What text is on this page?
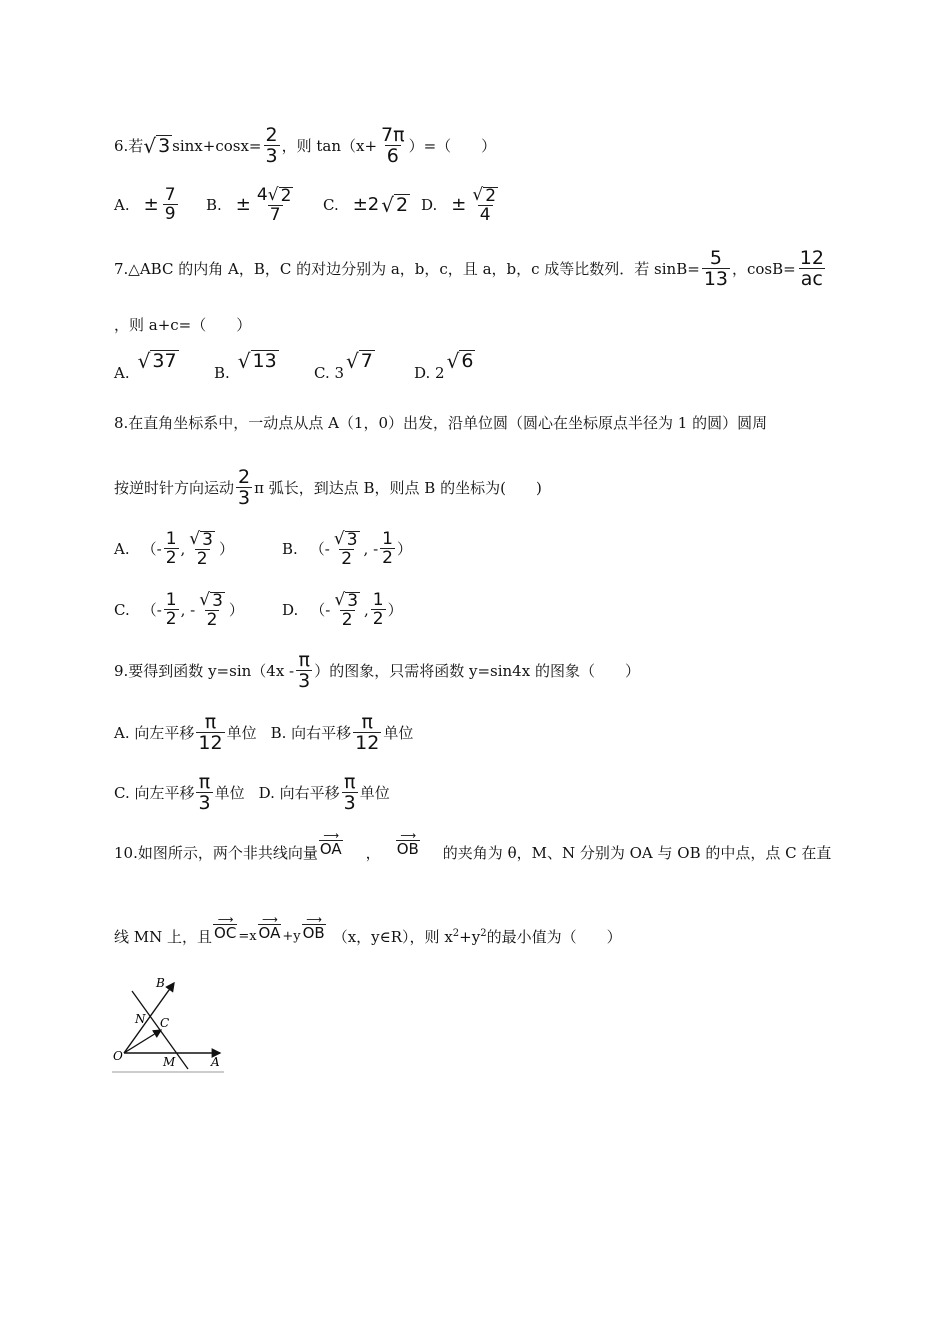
6.若 √ 3 $\sin x+\cos x= \frac{2}{3}$ ，则 $\tan(x+ \frac{7\pi}{6}$ ）=（　　）
A. ± $\frac{7}{9} B$. ± $\frac{4 √ 2}{7} C$. ±2 √ 2 D. ± $\frac{√ 2}{4}$
7.△ABC 的内角 A，B，C 的对边分别为 a，b，c，且 a，b，c 成等比数列．若 $\sin B= \frac{5}{13}$ ，$\cos B= \frac{12}{ac}$
，则 a+c=（　　）
A.
√ 37
B.
√ 13
C. 3
√ 7
D. 2
√ 6
8.在直角坐标系中，一动点从点 A（1，0）出发，沿单位圆（圆心在坐标原点半径为 1 的圆）圆周
按逆时针方向运动 $\frac{2}{3}$ π 弧长，到达点 B，则点 B 的坐标为(　　)
A. （- $\frac{1}{2}$ , $\frac{√ 3}{2}$ ）	B. （- $\frac{√ 3}{2}$ , - $\frac{1}{2}$ ）
C. （- $\frac{1}{2}$ , - $\frac{√ 3}{2}$ ）	D. （- $\frac{√ 3}{2}$ , $\frac{1}{2}$ ）
9.要得到函数 $y=\sin(4x - \frac{\pi}{3}$ ）的图象，只需将函数 y=sin4x 的图象（　　）
A. 向左平移 $\frac{\pi}{12}$ 单位 B. 向右平移 $\frac{\pi}{12}$ 单位
C. 向左平移 $\frac{\pi}{3}$ 单位 D. 向右平移 $\frac{\pi}{3}$ 单位
10.如图所示，两个非共线向量
⟶
OA ，
⟶
OB 的夹角为 θ，M、N 分别为 OA 与 OB 的中点，点 C 在直
线 MN 上，且
⟶
OC =x
⟶
OA +y
⟶
OB （x，y∈R），则 $x^2+y^2$的最小值为（　　）
B
N C
O	M	A
